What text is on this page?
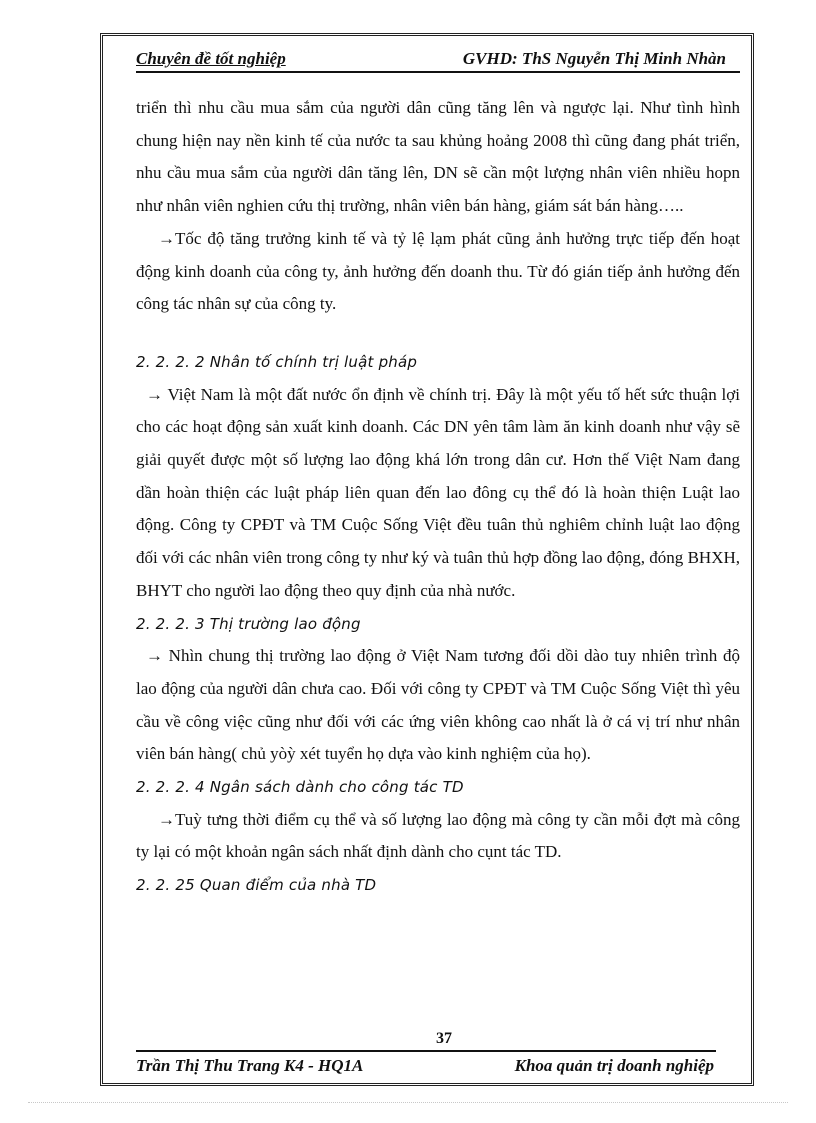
Chuyên đề tốt nghiệp	GVHD: ThS Nguyễn Thị Minh Nhàn

triển thì nhu cầu mua sắm của người dân cũng tăng lên và ngược lại. Như tình hình chung hiện nay nền kinh tế của nước ta sau khủng hoảng 2008 thì cũng đang phát triển, nhu cầu mua sắm của người dân tăng lên, DN sẽ cần một lượng nhân viên nhiều hopn như nhân viên nghien cứu thị trường, nhân viên bán hàng, giám sát bán hàng…..

→Tốc độ tăng trưởng kinh tế và tỷ lệ lạm phát cũng ảnh hưởng trực tiếp đến hoạt động kinh doanh của công ty, ảnh hưởng đến doanh thu. Từ đó gián tiếp ảnh hưởng đến công tác nhân sự của công ty.

2. 2. 2. 2 Nhân tố chính trị luật pháp

→ Việt Nam là một đất nước ổn định về chính trị. Đây là một yếu tố hết sức thuận lợi cho các hoạt động sản xuất kinh doanh. Các DN yên tâm làm ăn kinh doanh như vậy sẽ giải quyết được một số lượng lao động khá lớn trong dân cư. Hơn thế Việt Nam đang dần hoàn thiện các luật pháp liên quan đến lao đông cụ thể đó là hoàn thiện Luật lao động. Công ty CPĐT và TM Cuộc Sống Việt đều tuân thủ nghiêm chỉnh luật lao động đối với các nhân viên trong công ty như ký và tuân thủ hợp đồng lao động, đóng BHXH, BHYT cho người lao động theo quy định của nhà nước.

2. 2. 2. 3 Thị trường lao động

→ Nhìn chung thị trường lao động ở Việt Nam tương đối dồi dào tuy nhiên trình độ lao động của người dân chưa cao. Đối với công ty CPĐT và TM Cuộc Sống Việt thì yêu cầu về công việc cũng như đối với các ứng viên không cao nhất là ở cá vị trí như nhân viên bán hàng( chủ yòỳ xét tuyển họ dựa vào kinh nghiệm của họ).

2. 2. 2. 4 Ngân sách dành cho công tác TD

→Tuỳ tưng thời điểm cụ thể và số lượng lao động mà công ty cần mỗi đợt mà công ty lại có một khoản ngân sách nhất định dành cho cụnt tác TD.

2. 2. 25 Quan điểm của nhà TD

37
Trần Thị Thu Trang K4 - HQ1A	Khoa quản trị doanh nghiệp
